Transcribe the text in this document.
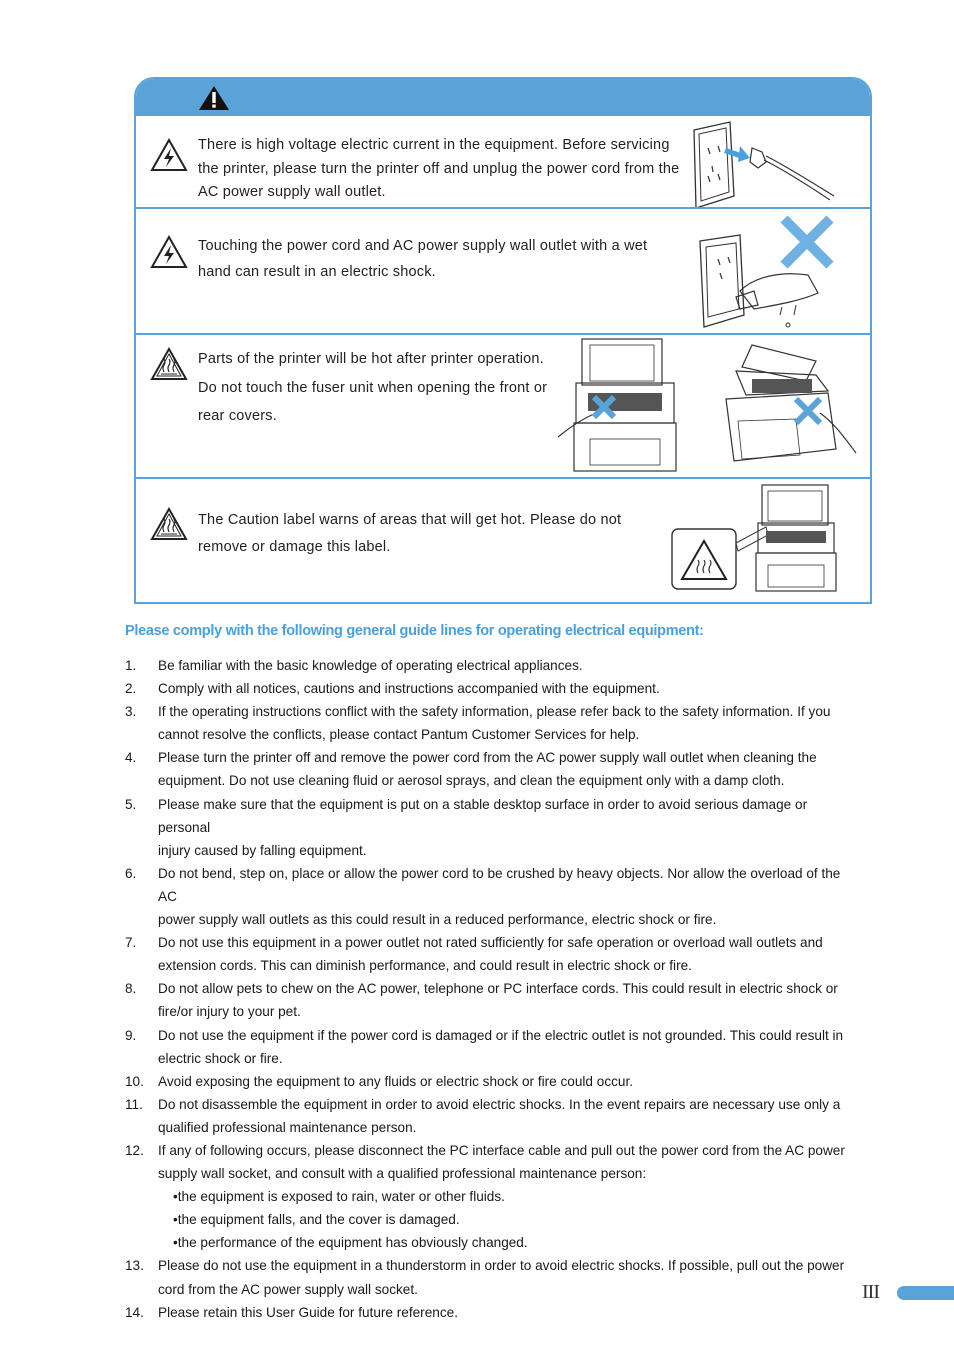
There is high voltage electric current in the equipment. Before servicing
the printer, please turn the printer off and unplug the power cord from the
AC power supply wall outlet.
Touching the power cord and AC power supply wall outlet with a wet
hand can result in an electric shock.
Parts of the printer will be hot after printer operation.
Do not touch the fuser unit when opening the front or
rear covers.
The Caution label warns of areas that will get hot. Please do not
remove or damage this label.
Please comply with the following general guide lines for operating electrical equipment:
1. Be familiar with the basic knowledge of operating electrical appliances.
2. Comply with all notices, cautions and instructions accompanied with the equipment.
3. If the operating instructions conflict with the safety information, please refer back to the safety information. If you
cannot resolve the conflicts, please contact Pantum Customer Services for help.
4. Please turn the printer off and remove the power cord from the AC power supply wall outlet when cleaning the
equipment. Do not use cleaning fluid or aerosol sprays, and clean the equipment only with a damp cloth.
5. Please make sure that the equipment is put on a stable desktop surface in order to avoid serious damage or personal
injury caused by falling equipment.
6. Do not bend, step on, place or allow the power cord to be crushed by heavy objects. Nor allow the overload of the AC
power supply wall outlets as this could result in a reduced performance, electric shock or fire.
7. Do not use this equipment in a power outlet not rated sufficiently for safe operation or overload wall outlets and
extension cords. This can diminish performance, and could result in electric shock or fire.
8. Do not allow pets to chew on the AC power, telephone or PC interface cords. This could result in electric shock or
fire/or injury to your pet.
9. Do not use the equipment if the power cord is damaged or if the electric outlet is not grounded. This could result in
electric shock or fire.
10. Avoid exposing the equipment to any fluids or electric shock or fire could occur.
11. Do not disassemble the equipment in order to avoid electric shocks. In the event repairs are necessary use only a
qualified professional maintenance person.
12. If any of following occurs, please disconnect the PC interface cable and pull out the power cord from the AC power
supply wall socket, and consult with a qualified professional maintenance person:
•the equipment is exposed to rain, water or other fluids.
•the equipment falls, and the cover is damaged.
•the performance of the equipment has obviously changed.
13. Please do not use the equipment in a thunderstorm in order to avoid electric shocks. If possible, pull out the power
cord from the AC power supply wall socket.
14. Please retain this User Guide for future reference.
III
